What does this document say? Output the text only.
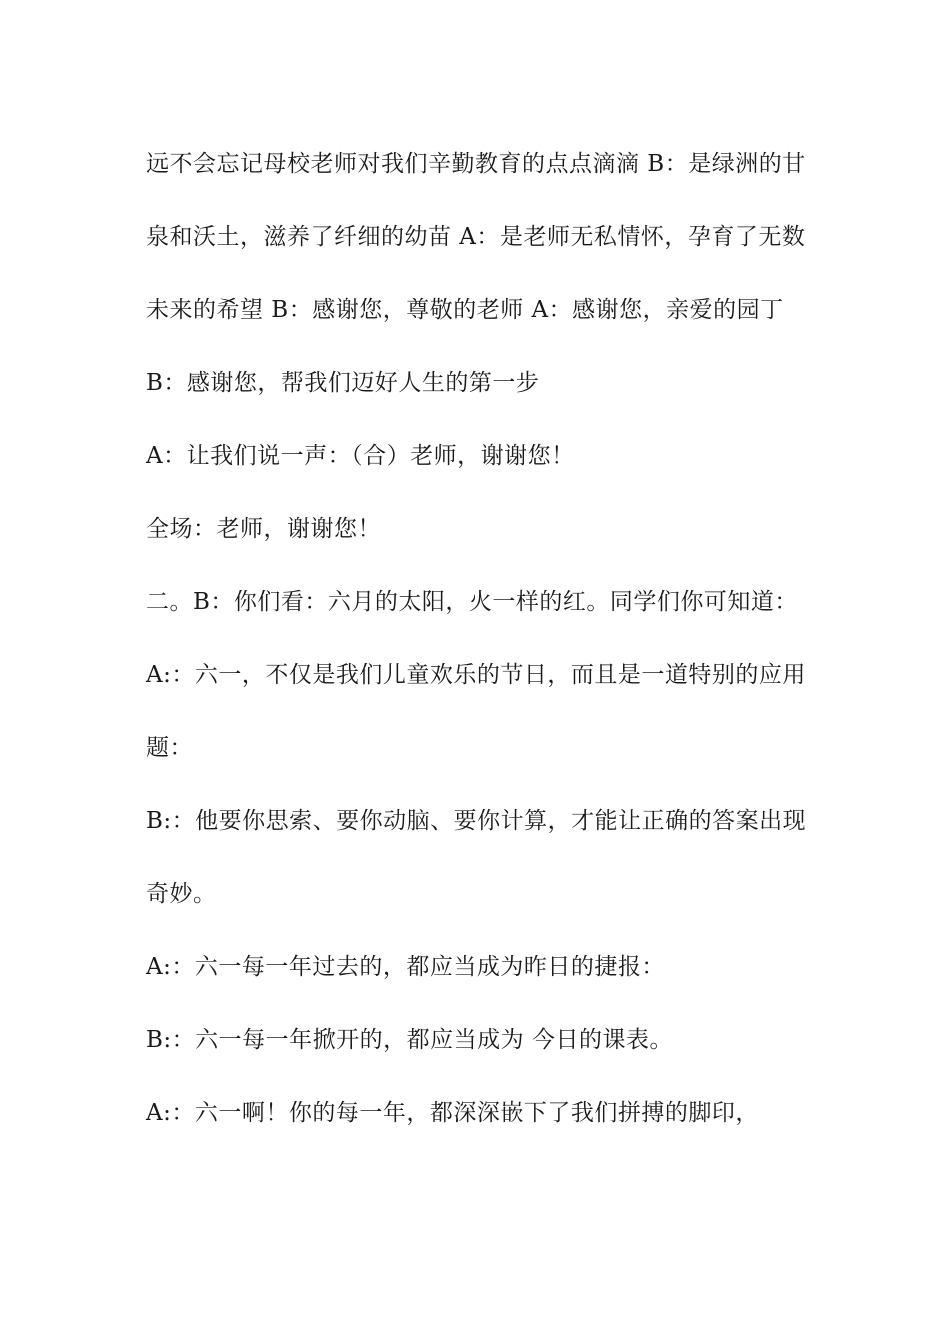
远不会忘记母校老师对我们辛勤教育的点点滴滴 B：是绿洲的甘泉和沃土，滋养了纤细的幼苗 A：是老师无私情怀，孕育了无数未来的希望 B：感谢您，尊敬的老师 A：感谢您，亲爱的园丁

B：感谢您，帮我们迈好人生的第一步

A：让我们说一声：（合）老师，谢谢您！

全场：老师，谢谢您！

二。B：你们看：六月的太阳，火一样的红。同学们你可知道：

A:：六一，不仅是我们儿童欢乐的节日，而且是一道特别的应用题：

B:：他要你思索、要你动脑、要你计算，才能让正确的答案出现奇妙。

A:：六一每一年过去的，都应当成为昨日的捷报：

B:：六一每一年掀开的，都应当成为 今日的课表。

A:：六一啊！你的每一年，都深深嵌下了我们拼搏的脚印，
